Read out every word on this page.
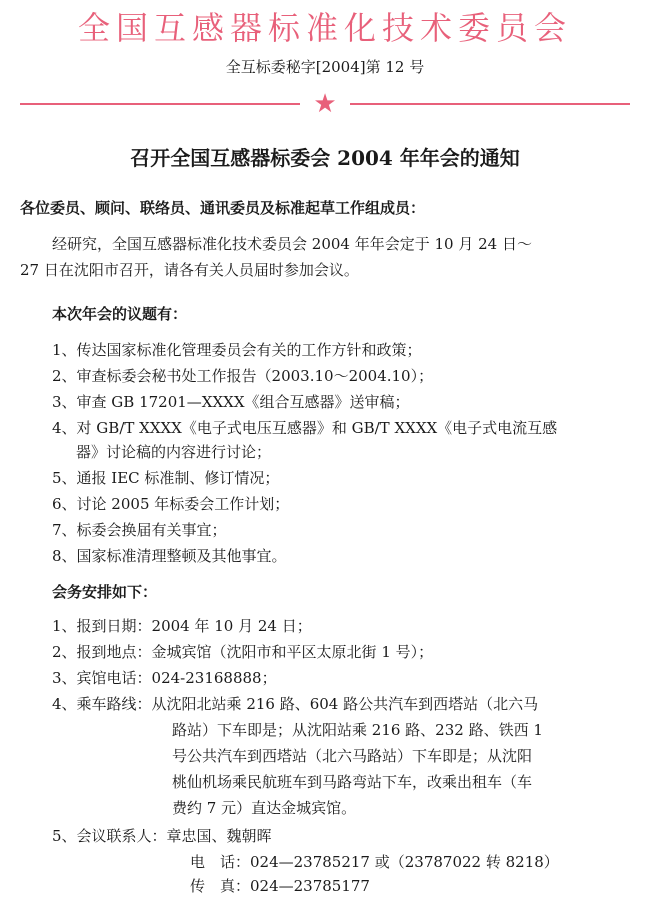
全国互感器标准化技术委员会
全互标委秘字[2004]第 12 号
★
召开全国互感器标委会 2004 年年会的通知
各位委员、顾问、联络员、通讯委员及标准起草工作组成员：
经研究，全国互感器标准化技术委员会 2004 年年会定于 10 月 24 日～
27 日在沈阳市召开，请各有关人员届时参加会议。
本次年会的议题有：
1、传达国家标准化管理委员会有关的工作方针和政策；
2、审查标委会秘书处工作报告（2003.10～2004.10）；
3、审查 GB 17201—XXXX《组合互感器》送审稿；
4、对 GB/T XXXX《电子式电压互感器》和 GB/T XXXX《电子式电流互感
器》讨论稿的内容进行讨论；
5、通报 IEC 标准制、修订情况；
6、讨论 2005 年标委会工作计划；
7、标委会换届有关事宜；
8、国家标准清理整顿及其他事宜。
会务安排如下：
1、报到日期：2004 年 10 月 24 日；
2、报到地点：金城宾馆（沈阳市和平区太原北街 1 号）；
3、宾馆电话：024-23168888；
4、乘车路线：从沈阳北站乘 216 路、604 路公共汽车到西塔站（北六马
路站）下车即是；从沈阳站乘 216 路、232 路、铁西 1
号公共汽车到西塔站（北六马路站）下车即是；从沈阳
桃仙机场乘民航班车到马路弯站下车，改乘出租车（车
费约 7 元）直达金城宾馆。
5、会议联系人：章忠国、魏朝晖
电　话：024—23785217 或（23787022 转 8218）
传　真：024—23785177
